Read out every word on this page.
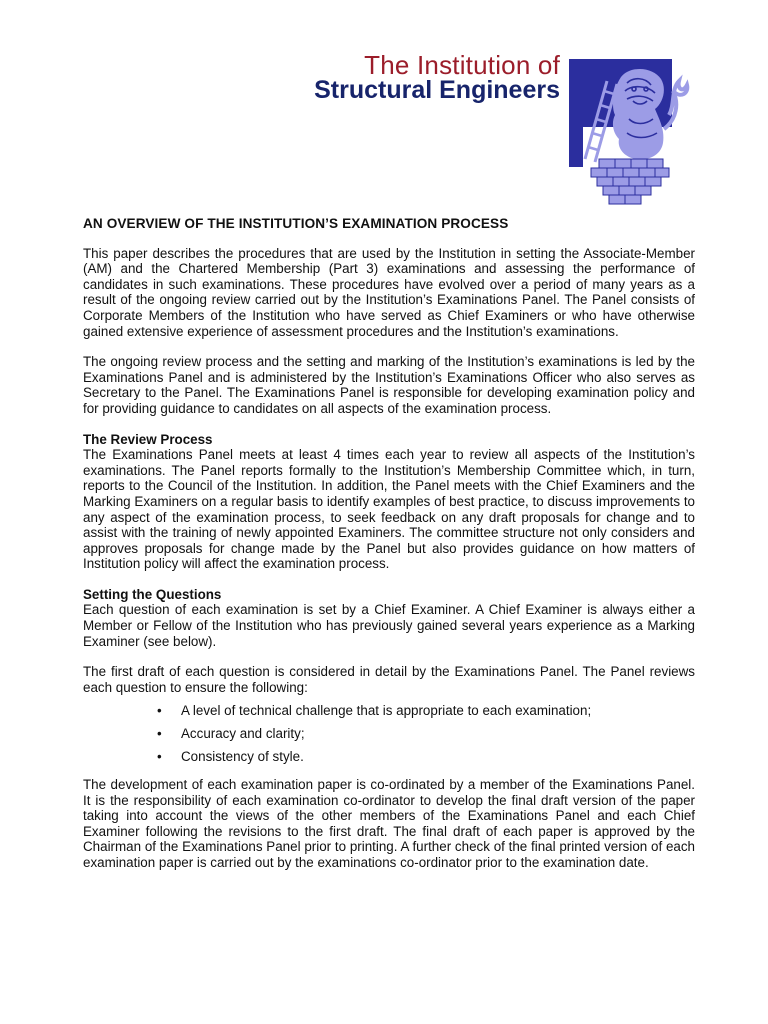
The Institution of
Structural Engineers
AN OVERVIEW OF THE INSTITUTION’S EXAMINATION PROCESS

This paper describes the procedures that are used by the Institution in setting the Associate-Member (AM) and the Chartered Membership (Part 3) examinations and assessing the performance of candidates in such examinations. These procedures have evolved over a period of many years as a result of the ongoing review carried out by the Institution’s Examinations Panel. The Panel consists of Corporate Members of the Institution who have served as Chief Examiners or who have otherwise gained extensive experience of assessment procedures and the Institution’s examinations.

The ongoing review process and the setting and marking of the Institution’s examinations is led by the Examinations Panel and is administered by the Institution’s Examinations Officer who also serves as Secretary to the Panel. The Examinations Panel is responsible for developing examination policy and for providing guidance to candidates on all aspects of the examination process.

The Review Process
The Examinations Panel meets at least 4 times each year to review all aspects of the Institution’s examinations. The Panel reports formally to the Institution’s Membership Committee which, in turn, reports to the Council of the Institution. In addition, the Panel meets with the Chief Examiners and the Marking Examiners on a regular basis to identify examples of best practice, to discuss improvements to any aspect of the examination process, to seek feedback on any draft proposals for change and to assist with the training of newly appointed Examiners. The committee structure not only considers and approves proposals for change made by the Panel but also provides guidance on how matters of Institution policy will affect the examination process.

Setting the Questions
Each question of each examination is set by a Chief Examiner. A Chief Examiner is always either a Member or Fellow of the Institution who has previously gained several years experience as a Marking Examiner (see below).

The first draft of each question is considered in detail by the Examinations Panel. The Panel reviews each question to ensure the following:

• A level of technical challenge that is appropriate to each examination;
• Accuracy and clarity;
• Consistency of style.

The development of each examination paper is co-ordinated by a member of the Examinations Panel. It is the responsibility of each examination co-ordinator to develop the final draft version of the paper taking into account the views of the other members of the Examinations Panel and each Chief Examiner following the revisions to the first draft. The final draft of each paper is approved by the Chairman of the Examinations Panel prior to printing. A further check of the final printed version of each examination paper is carried out by the examinations co-ordinator prior to the examination date.
